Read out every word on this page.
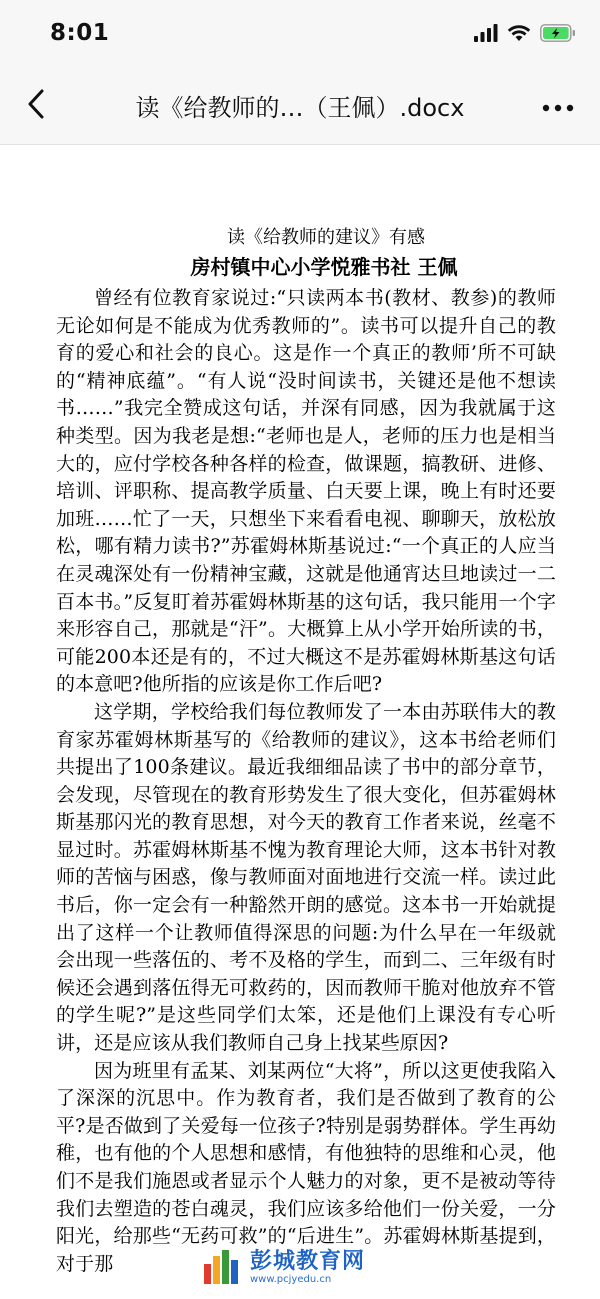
8:01
读《给教师的…（王佩）.docx

读《给教师的建议》有感

房村镇中心小学悦雅书社 王佩

曾经有位教育家说过:“只读两本书(教材、教参)的教师无论如何是不能成为优秀教师的”。读书可以提升自己的教育的爱心和社会的良心。这是作一个真正的教师’所不可缺的“精神底蕴”。“有人说“没时间读书，关键还是他不想读书……”我完全赞成这句话，并深有同感，因为我就属于这种类型。因为我老是想:“老师也是人，老师的压力也是相当大的，应付学校各种各样的检查，做课题，搞教研、进修、培训、评职称、提高教学质量、白天要上课，晚上有时还要加班……忙了一天，只想坐下来看看电视、聊聊天，放松放松，哪有精力读书?”苏霍姆林斯基说过:“一个真正的人应当在灵魂深处有一份精神宝藏，这就是他通宵达旦地读过一二百本书。”反复盯着苏霍姆林斯基的这句话，我只能用一个字来形容自己，那就是“汗”。大概算上从小学开始所读的书，可能200本还是有的，不过大概这不是苏霍姆林斯基这句话的本意吧?他所指的应该是你工作后吧?

这学期，学校给我们每位教师发了一本由苏联伟大的教育家苏霍姆林斯基写的《给教师的建议》，这本书给老师们共提出了100条建议。最近我细细品读了书中的部分章节，会发现，尽管现在的教育形势发生了很大变化，但苏霍姆林斯基那闪光的教育思想，对今天的教育工作者来说，丝毫不显过时。苏霍姆林斯基不愧为教育理论大师，这本书针对教师的苦恼与困惑，像与教师面对面地进行交流一样。读过此书后，你一定会有一种豁然开朗的感觉。这本书一开始就提出了这样一个让教师值得深思的问题:为什么早在一年级就会出现一些落伍的、考不及格的学生，而到二、三年级有时候还会遇到落伍得无可救药的，因而教师干脆对他放弃不管的学生呢?”是这些同学们太笨，还是他们上课没有专心听讲，还是应该从我们教师自己身上找某些原因?

因为班里有孟某、刘某两位“大将”，所以这更使我陷入了深深的沉思中。作为教育者，我们是否做到了教育的公平?是否做到了关爱每一位孩子?特别是弱势群体。学生再幼稚，也有他的个人思想和感情，有他独特的思维和心灵，他们不是我们施恩或者显示个人魅力的对象，更不是被动等待我们去塑造的苍白魂灵，我们应该多给他们一份关爱，一分阳光，给那些“无药可救”的“后进生”。苏霍姆林斯基提到，对于那	彭城教育网
www.pcjyedu.cn
